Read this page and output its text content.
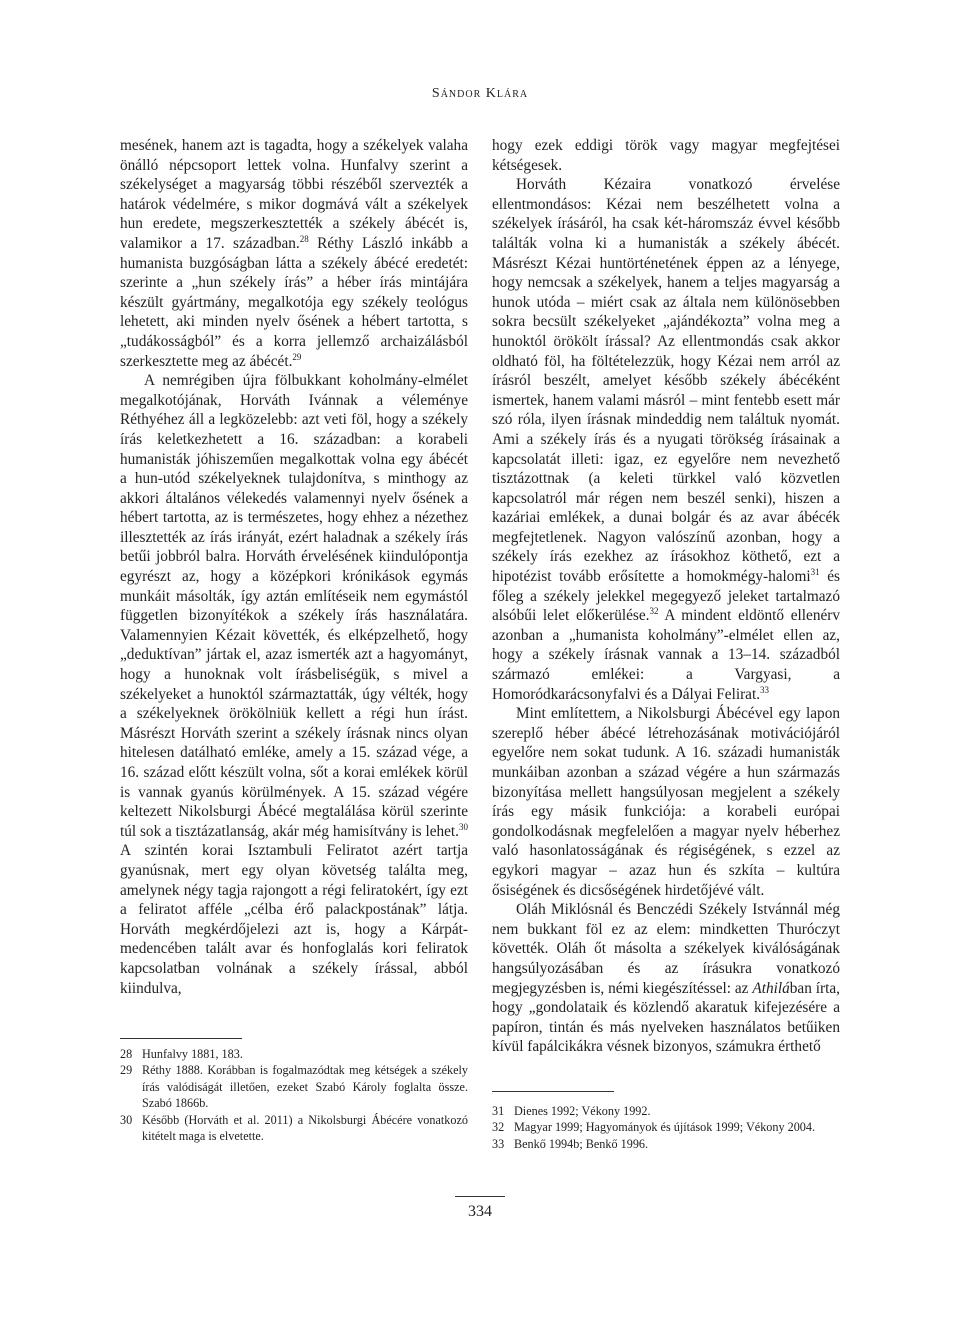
Sándor Klára

mesének, hanem azt is tagadta, hogy a székelyek valaha önálló népcsoport lettek volna. Hunfalvy szerint a székelységet a magyarság többi részéből szervezték a határok védelmére, s mikor dogmává vált a székelyek hun eredete, megszerkesztették a székely ábécét is, valamikor a 17. században.$^{28}$ Réthy László inkább a humanista buzgóságban látta a székely ábécé eredetét: szerinte a „hun székely írás” a héber írás mintájára készült gyártmány, megalkotója egy székely teológus lehetett, aki minden nyelv ősének a hébert tartotta, s „tudákosságból” és a korra jellemző archaizálásból szerkesztette meg az ábécét.$^{29}$

A nemrégiben újra fölbukkant koholmány-elmélet megalkotójának, Horváth Ivánnak a véleménye Réthyéhez áll a legközelebb: azt veti föl, hogy a székely írás keletkezhetett a 16. században: a korabeli humanisták jóhiszeműen megalkottak volna egy ábécét a hun-utód székelyeknek tulajdonítva, s minthogy az akkori általános vélekedés valamennyi nyelv ősének a hébert tartotta, az is természetes, hogy ehhez a nézethez illesztették az írás irányát, ezért haladnak a székely írás betűi jobbról balra. Horváth érvelésének kiindulópontja egyrészt az, hogy a középkori krónikások egymás munkáit másolták, így aztán említéseik nem egymástól független bizonyítékok a székely írás használatára. Valamennyien Kézait követték, és elképzelhető, hogy „deduktívan” jártak el, azaz ismerték azt a hagyományt, hogy a hunoknak volt írásbeliségük, s mivel a székelyeket a hunoktól származtatták, úgy vélték, hogy a székelyeknek örökölniük kellett a régi hun írást. Másrészt Horváth szerint a székely írásnak nincs olyan hitelesen datálható emléke, amely a 15. század vége, a 16. század előtt készült volna, sőt a korai emlékek körül is vannak gyanús körülmények. A 15. század végére keltezett Nikolsburgi Ábécé megtalálása körül szerinte túl sok a tisztázatlanság, akár még hamisítvány is lehet.$^{30}$ A szintén korai Isztambuli Feliratot azért tartja gyanúsnak, mert egy olyan követség találta meg, amelynek négy tagja rajongott a régi feliratokért, így ezt a feliratot afféle „célba érő palackpostának” látja. Horváth megkérdőjelezi azt is, hogy a Kárpát-medencében talált avar és honfoglalás kori feliratok kapcsolatban volnának a székely írással, abból kiindulva,

hogy ezek eddigi török vagy magyar megfejtései kétségesek.

Horváth Kézaira vonatkozó érvelése ellentmondásos: Kézai nem beszélhetett volna a székelyek írásáról, ha csak két-háromszáz évvel később találták volna ki a humanisták a székely ábécét. Másrészt Kézai huntörténetének éppen az a lényege, hogy nemcsak a székelyek, hanem a teljes magyarság a hunok utóda – miért csak az általa nem különösebben sokra becsült székelyeket „ajándékozta” volna meg a hunoktól örökölt írással? Az ellentmondás csak akkor oldható föl, ha föltételezzük, hogy Kézai nem arról az írásról beszélt, amelyet később székely ábécéként ismertek, hanem valami másról – mint fentebb esett már szó róla, ilyen írásnak mindeddig nem találtuk nyomát. Ami a székely írás és a nyugati törökség írásainak a kapcsolatát illeti: igaz, ez egyelőre nem nevezhető tisztázottnak (a keleti türkkel való közvetlen kapcsolatról már régen nem beszél senki), hiszen a kazáriai emlékek, a dunai bolgár és az avar ábécék megfejtetlenek. Nagyon valószínű azonban, hogy a székely írás ezekhez az írásokhoz köthető, ezt a hipotézist tovább erősítette a homokmégy-halomi$^{31}$ és főleg a székely jelekkel megegyező jeleket tartalmazó alsóbűi lelet előkerülése.$^{32}$ A mindent eldöntő ellenérv azonban a „humanista koholmány”-elmélet ellen az, hogy a székely írásnak vannak a 13–14. századból származó emlékei: a Vargyasi, a Homoródkarácsonyfalvi és a Dályai Felirat.$^{33}$

Mint említettem, a Nikolsburgi Ábécével egy lapon szereplő héber ábécé létrehozásának motivációjáról egyelőre nem sokat tudunk. A 16. századi humanisták munkáiban azonban a század végére a hun származás bizonyítása mellett hangsúlyosan megjelent a székely írás egy másik funkciója: a korabeli európai gondolkodásnak megfelelően a magyar nyelv héberhez való hasonlatosságának és régiségének, s ezzel az egykori magyar – azaz hun és szkíta – kultúra ősiségének és dicsőségének hirdetőjévé vált.

Oláh Miklósnál és Benczédi Székely Istvánnál még nem bukkant föl ez az elem: mindketten Thuróczyt követték. Oláh őt másolta a székelyek kiválóságának hangsúlyozásában és az írásukra vonatkozó megjegyzésben is, némi kiegészítéssel: az Athilában írta, hogy „gondolataik és közlendő akaratuk kifejezésére a papíron, tintán és más nyelveken használatos betűiken kívül fapálcikákra vésnek bizonyos, számukra érthető

28 Hunfalvy 1881, 183.
29 Réthy 1888. Korábban is fogalmazódtak meg kétségek a székely írás valódiságát illetően, ezeket Szabó Károly foglalta össze. Szabó 1866b.
30 Később (Horváth et al. 2011) a Nikolsburgi Ábécére vonatkozó kitételt maga is elvetette.
31 Dienes 1992; Vékony 1992.
32 Magyar 1999; Hagyományok és újítások 1999; Vékony 2004.
33 Benkő 1994b; Benkő 1996.
334
